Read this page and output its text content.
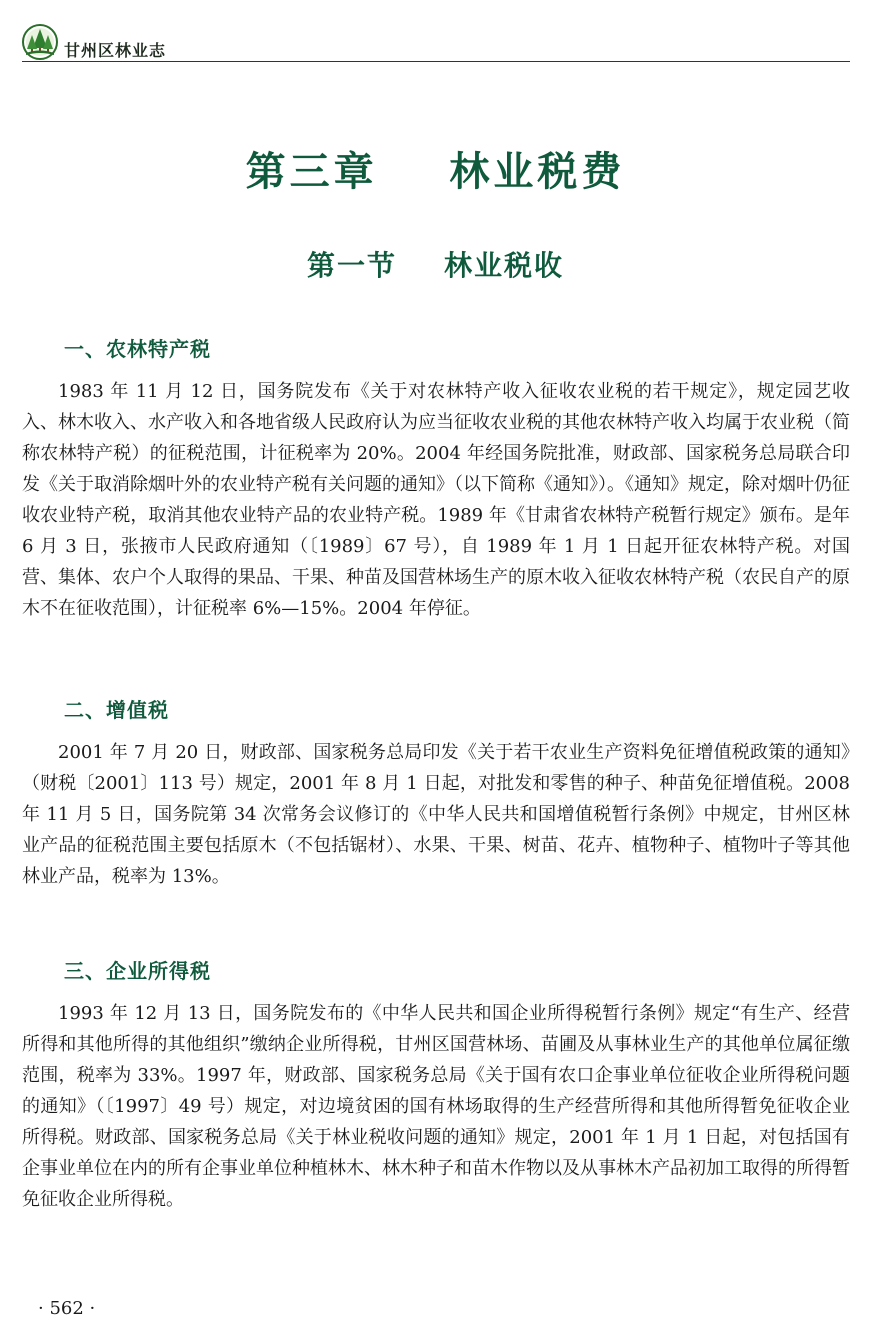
甘州区林业志
第三章    林业税费
第一节    林业税收
一、农林特产税

1983 年 11 月 12 日，国务院发布《关于对农林特产收入征收农业税的若干规定》，规定园艺收入、林木收入、水产收入和各地省级人民政府认为应当征收农业税的其他农林特产收入均属于农业税（简称农林特产税）的征税范围，计征税率为 20%。2004 年经国务院批准，财政部、国家税务总局联合印发《关于取消除烟叶外的农业特产税有关问题的通知》（以下简称《通知》）。《通知》规定，除对烟叶仍征收农业特产税，取消其他农业特产品的农业特产税。1989 年《甘肃省农林特产税暂行规定》颁布。是年 6 月 3 日，张掖市人民政府通知（〔1989〕67 号），自 1989 年 1 月 1 日起开征农林特产税。对国营、集体、农户个人取得的果品、干果、种苗及国营林场生产的原木收入征收农林特产税（农民自产的原木不在征收范围），计征税率 6%—15%。2004 年停征。

二、增值税

2001 年 7 月 20 日，财政部、国家税务总局印发《关于若干农业生产资料免征增值税政策的通知》（财税〔2001〕113 号）规定，2001 年 8 月 1 日起，对批发和零售的种子、种苗免征增值税。2008 年 11 月 5 日，国务院第 34 次常务会议修订的《中华人民共和国增值税暂行条例》中规定，甘州区林业产品的征税范围主要包括原木（不包括锯材）、水果、干果、树苗、花卉、植物种子、植物叶子等其他林业产品，税率为 13%。

三、企业所得税

1993 年 12 月 13 日，国务院发布的《中华人民共和国企业所得税暂行条例》规定“有生产、经营所得和其他所得的其他组织”缴纳企业所得税，甘州区国营林场、苗圃及从事林业生产的其他单位属征缴范围，税率为 33%。1997 年，财政部、国家税务总局《关于国有农口企事业单位征收企业所得税问题的通知》（〔1997〕49 号）规定，对边境贫困的国有林场取得的生产经营所得和其他所得暂免征收企业所得税。财政部、国家税务总局《关于林业税收问题的通知》规定，2001 年 1 月 1 日起，对包括国有企事业单位在内的所有企事业单位种植林木、林木种子和苗木作物以及从事林木产品初加工取得的所得暂免征收企业所得税。

· 562 ·
